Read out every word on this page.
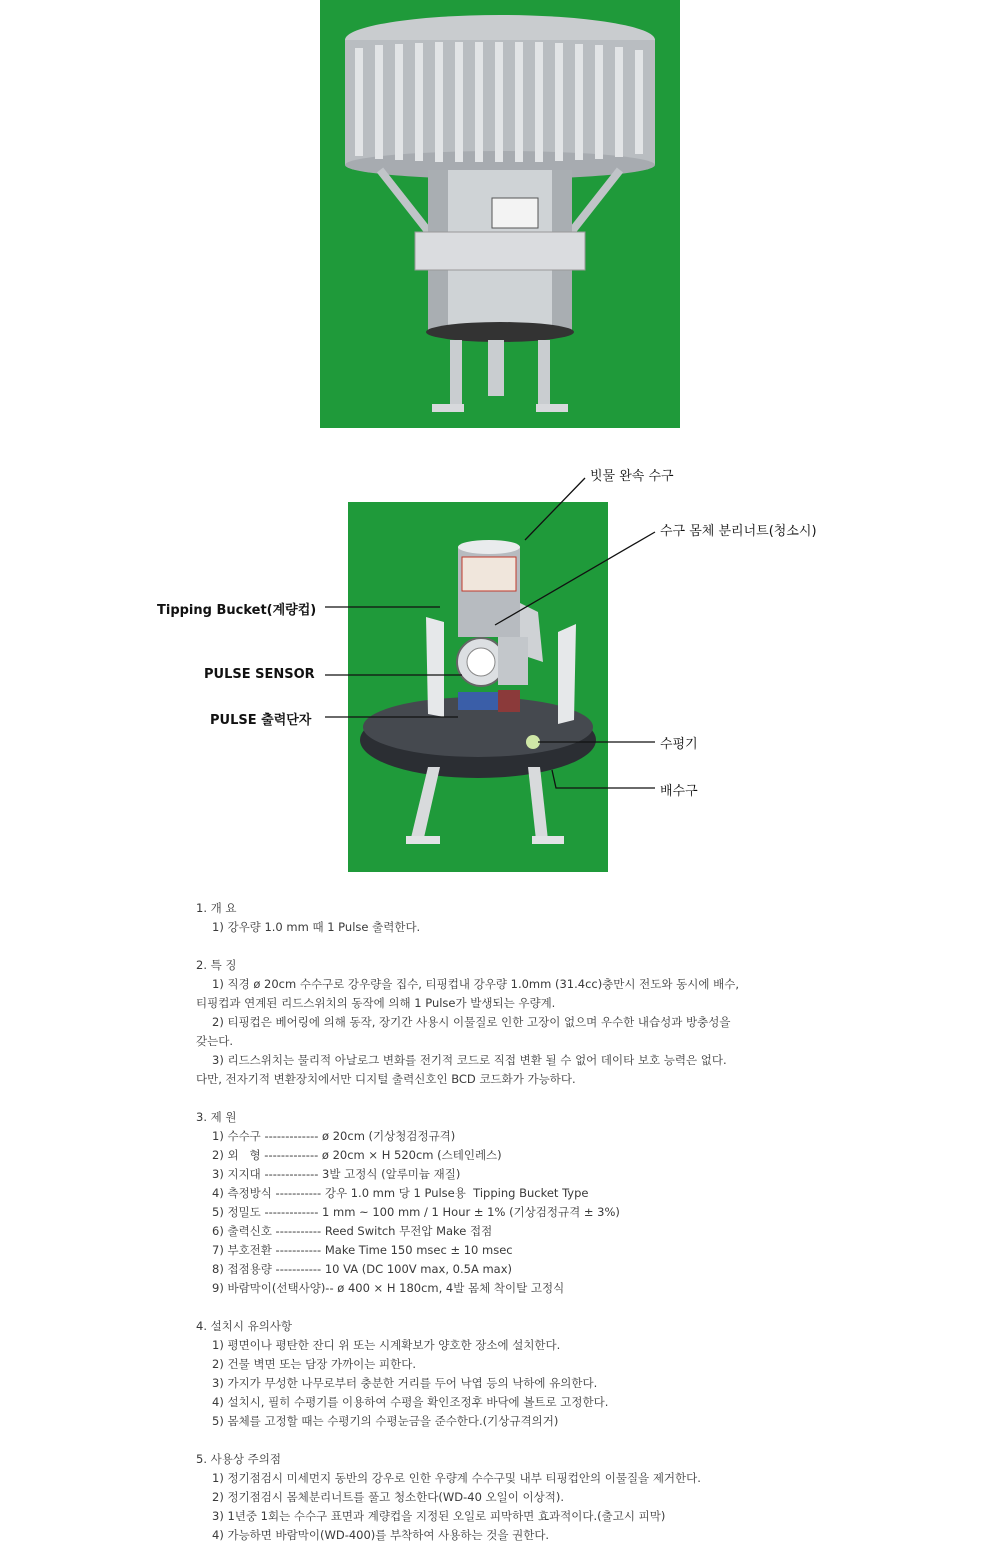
빗물 완속 수구
수구 몸체 분리너트(청소시)
Tipping Bucket(계량컵)
PULSE SENSOR
PULSE 출력단자
수평기
배수구
1. 개 요
1) 강우량 1.0 mm 때 1 Pulse 출력한다.
2. 특 징
1) 직경 ø 20cm 수수구로 강우량을 집수, 티핑컵내 강우량 1.0mm (31.4cc)충만시 전도와 동시에 배수,
티핑컵과 연계된 리드스위치의 동작에 의해 1 Pulse가 발생되는 우량계.
2) 티핑컵은 베어링에 의해 동작, 장기간 사용시 이물질로 인한 고장이 없으며 우수한 내습성과 방충성을
갖는다.
3) 리드스위치는 물리적 아날로그 변화를 전기적 코드로 직접 변환 될 수 없어 데이타 보호 능력은 없다.
다만, 전자기적 변환장치에서만 디지털 출력신호인 BCD 코드화가 가능하다.
3. 제 원
1) 수수구 ------------- ø 20cm (기상청검정규격)
2) 외   형 ------------- ø 20cm × H 520cm (스테인레스)
3) 지지대 ------------- 3발 고정식 (알루미늄 재질)
4) 측정방식 ----------- 강우 1.0 mm 당 1 Pulse용  Tipping Bucket Type
5) 정밀도 ------------- 1 mm ~ 100 mm / 1 Hour ± 1% (기상검정규격 ± 3%)
6) 출력신호 ----------- Reed Switch 무전압 Make 접점
7) 부호전환 ----------- Make Time 150 msec ± 10 msec
8) 접점용량 ----------- 10 VA (DC 100V max, 0.5A max)
9) 바람막이(선택사양)-- ø 400 × H 180cm, 4발 몸체 착이탈 고정식
4. 설치시 유의사항
1) 평면이나 평탄한 잔디 위 또는 시계확보가 양호한 장소에 설치한다.
2) 건물 벽면 또는 담장 가까이는 피한다.
3) 가지가 무성한 나무로부터 충분한 거리를 두어 낙엽 등의 낙하에 유의한다.
4) 설치시, 필히 수평기를 이용하여 수평을 확인조정후 바닥에 볼트로 고정한다.
5) 몸체를 고정할 때는 수평기의 수평눈금을 준수한다.(기상규격의거)
5. 사용상 주의점
1) 정기점검시 미세먼지 동반의 강우로 인한 우량계 수수구및 내부 티핑컵안의 이물질을 제거한다.
2) 정기점검시 몸체분리너트를 풀고 청소한다(WD-40 오일이 이상적).
3) 1년중 1회는 수수구 표면과 계량컵을 지정된 오일로 피막하면 효과적이다.(출고시 피막)
4) 가능하면 바람막이(WD-400)를 부착하여 사용하는 것을 권한다.
